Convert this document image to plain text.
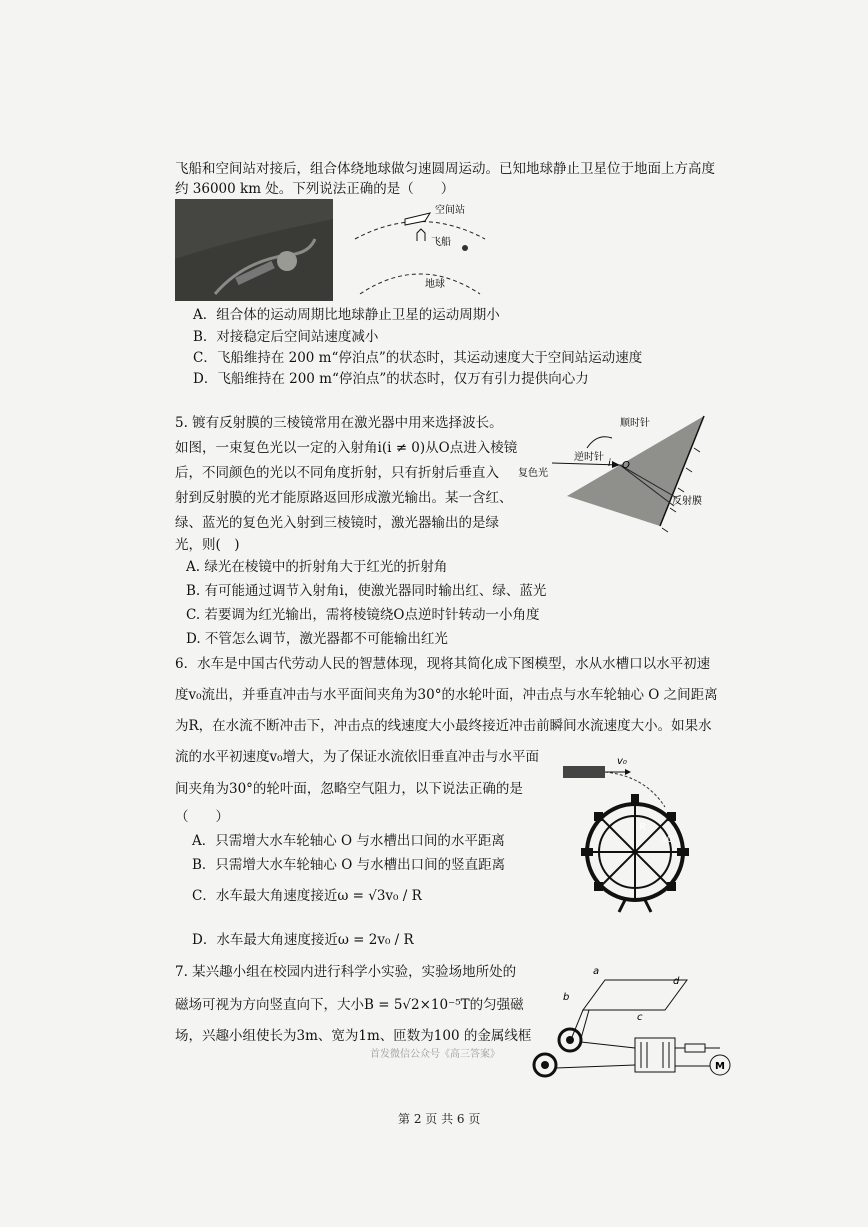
飞船和空间站对接后，组合体绕地球做匀速圆周运动。已知地球静止卫星位于地面上方高度
约 36000 km 处。下列说法正确的是（　　）
空间站
飞船
地球
A．组合体的运动周期比地球静止卫星的运动周期小
B．对接稳定后空间站速度减小
C．飞船维持在 200 m“停泊点”的状态时，其运动速度大于空间站运动速度
D．飞船维持在 200 m“停泊点”的状态时，仅万有引力提供向心力
5. 镀有反射膜的三棱镜常用在激光器中用来选择波长。
如图，一束复色光以一定的入射角i(i ≠ 0)从O点进入棱镜
后，不同颜色的光以不同角度折射，只有折射后垂直入
射到反射膜的光才能原路返回形成激光输出。某一含红、
绿、蓝光的复色光入射到三棱镜时，激光器输出的是绿
光，则(　)
顺时针
逆时针
复色光
反射膜
i O
A. 绿光在棱镜中的折射角大于红光的折射角
B. 有可能通过调节入射角i，使激光器同时输出红、绿、蓝光
C. 若要调为红光输出，需将棱镜绕O点逆时针转动一小角度
D. 不管怎么调节，激光器都不可能输出红光
6．水车是中国古代劳动人民的智慧体现，现将其简化成下图模型，水从水槽口以水平初速
度v₀流出，并垂直冲击与水平面间夹角为30°的水轮叶面，冲击点与水车轮轴心 O 之间距离
为R，在水流不断冲击下，冲击点的线速度大小最终接近冲击前瞬间水流速度大小。如果水
流的水平初速度v₀增大，为了保证水流依旧垂直冲击与水平面
间夹角为30°的轮叶面，忽略空气阻力，以下说法正确的是
（　　）
v₀
R
30°
A．只需增大水车轮轴心 O 与水槽出口间的水平距离
B．只需增大水车轮轴心 O 与水槽出口间的竖直距离
C．水车最大角速度接近ω = √3v₀ / R
D．水车最大角速度接近ω = 2v₀ / R
7. 某兴趣小组在校园内进行科学小实验，实验场地所处的
磁场可视为方向竖直向下，大小B = 5√2×10⁻⁵T的匀强磁
场，兴趣小组使长为3m、宽为1m、匝数为100 的金属线框
a
b
c
d
M
首发微信公众号《高三答案》
第 2 页 共 6 页
